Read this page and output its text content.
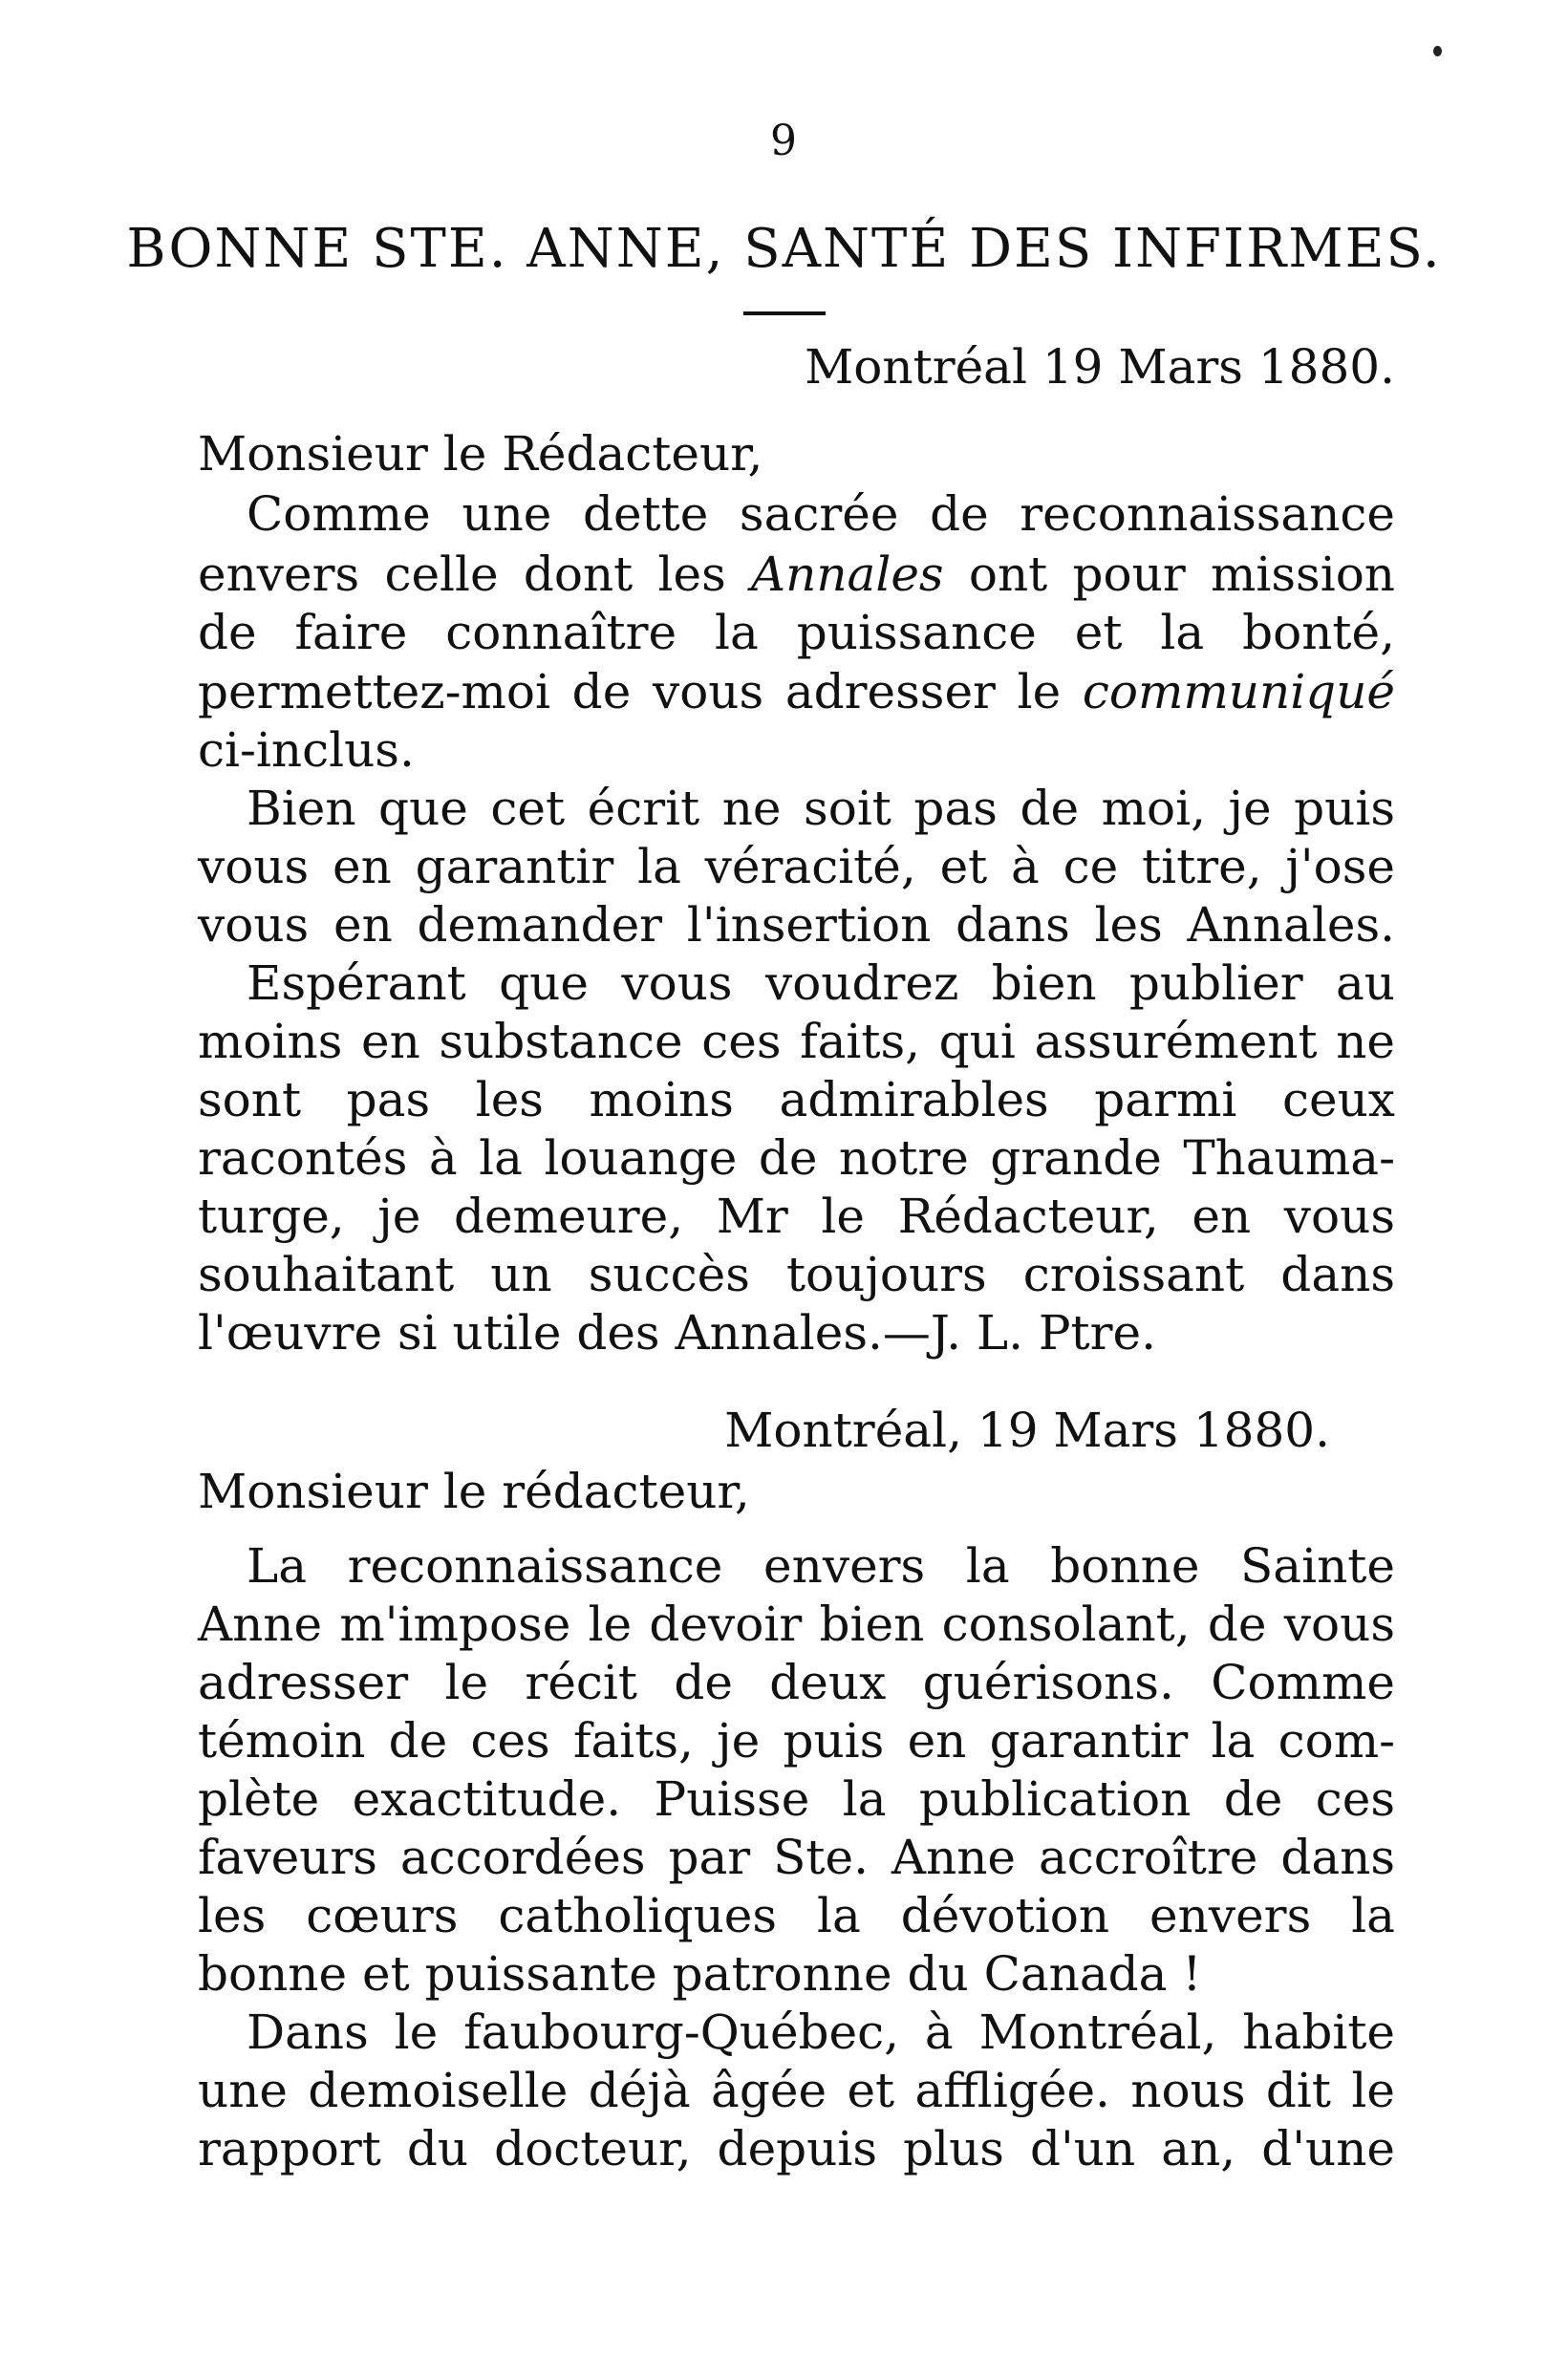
9
BONNE STE. ANNE, SANTÉ DES INFIRMES.
Montréal 19 Mars 1880.
Monsieur le Rédacteur,
Comme une dette sacrée de reconnaissance
envers celle dont les Annales ont pour mission
de faire connaître la puissance et la bonté,
permettez-moi de vous adresser le communiqué
ci-inclus.
Bien que cet écrit ne soit pas de moi, je puis
vous en garantir la véracité, et à ce titre, j'ose
vous en demander l'insertion dans les Annales.
Espérant que vous voudrez bien publier au
moins en substance ces faits, qui assurément ne
sont pas les moins admirables parmi ceux
racontés à la louange de notre grande Thauma-
turge, je demeure, Mr le Rédacteur, en vous
souhaitant un succès toujours croissant dans
l'œuvre si utile des Annales.—J. L. Ptre.
Montréal, 19 Mars 1880.
Monsieur le rédacteur,
La reconnaissance envers la bonne Sainte
Anne m'impose le devoir bien consolant, de vous
adresser le récit de deux guérisons. Comme
témoin de ces faits, je puis en garantir la com-
plète exactitude. Puisse la publication de ces
faveurs accordées par Ste. Anne accroître dans
les cœurs catholiques la dévotion envers la
bonne et puissante patronne du Canada !
Dans le faubourg-Québec, à Montréal, habite
une demoiselle déjà âgée et affligée. nous dit le
rapport du docteur, depuis plus d'un an, d'une
